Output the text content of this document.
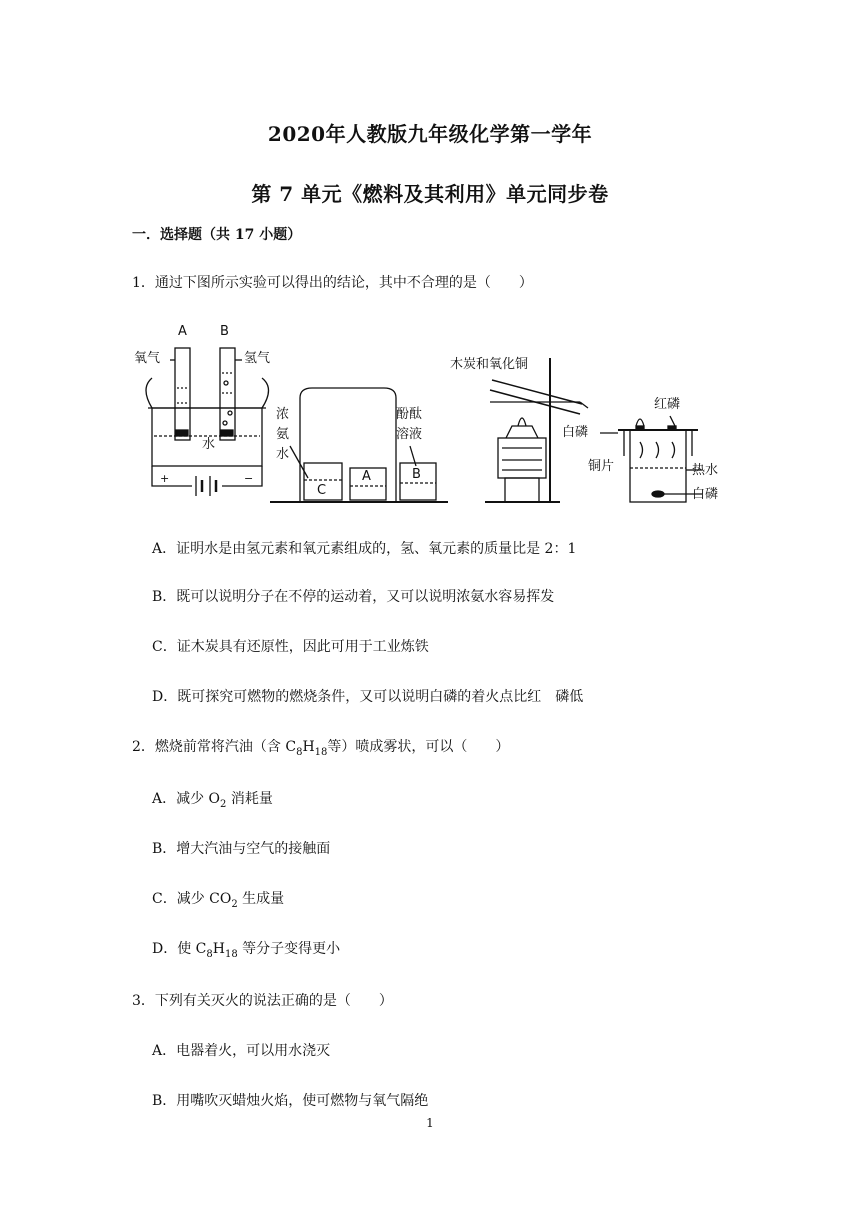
2020年人教版九年级化学第一学年
第 7 单元《燃料及其利用》单元同步卷
一．选择题（共 17 小题）
1．通过下图所示实验可以得出的结论，其中不合理的是（　　）
A	B
氧气	氢气
水
+	−
浓
氨
水
酚酞
溶液
C
A	B
木炭和氧化铜
红磷
白磷
铜片	热水
白磷
A．证明水是由氢元素和氧元素组成的，氢、氧元素的质量比是 2：1
B．既可以说明分子在不停的运动着，又可以说明浓氨水容易挥发
C．证木炭具有还原性，因此可用于工业炼铁
D．既可探究可燃物的燃烧条件，又可以说明白磷的着火点比红　磷低
2．燃烧前常将汽油（含 $C_8H_{18}$等）喷成雾状，可以（　　）
A．减少 $O_2$ 消耗量
B．增大汽油与空气的接触面
C．减少 $CO_2$ 生成量
D．使 $C_8H_{18}$ 等分子变得更小
3．下列有关灭火的说法正确的是（　　）
A．电器着火，可以用水浇灭
B．用嘴吹灭蜡烛火焰，使可燃物与氧气隔绝
1
